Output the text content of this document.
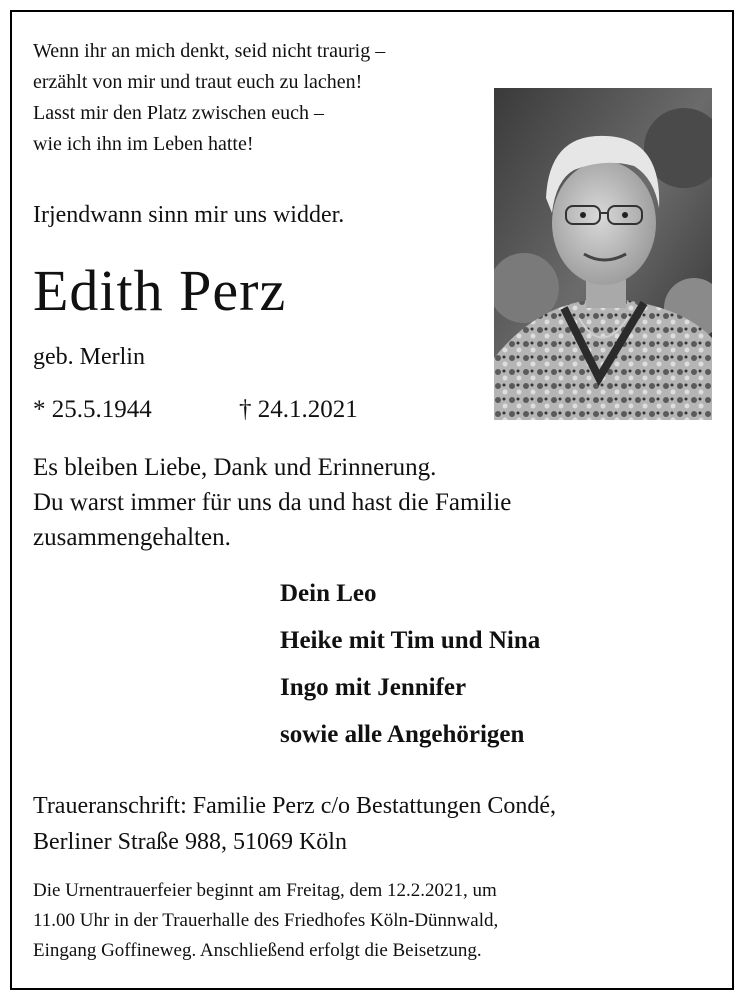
Wenn ihr an mich denkt, seid nicht traurig –
erzählt von mir und traut euch zu lachen!
Lasst mir den Platz zwischen euch –
wie ich ihn im Leben hatte!
Irjendwann sinn mir uns widder.
Edith Perz
geb. Merlin
* 25.5.1944	† 24.1.2021
Es bleiben Liebe, Dank und Erinnerung.
Du warst immer für uns da und hast die Familie
zusammengehalten.
Dein Leo
Heike mit Tim und Nina
Ingo mit Jennifer
sowie alle Angehörigen
Traueranschrift: Familie Perz c/o Bestattungen Condé,
Berliner Straße 988, 51069 Köln
Die Urnentrauerfeier beginnt am Freitag, dem 12.2.2021, um
11.00 Uhr in der Trauerhalle des Friedhofes Köln-Dünnwald,
Eingang Goffineweg. Anschließend erfolgt die Beisetzung.
